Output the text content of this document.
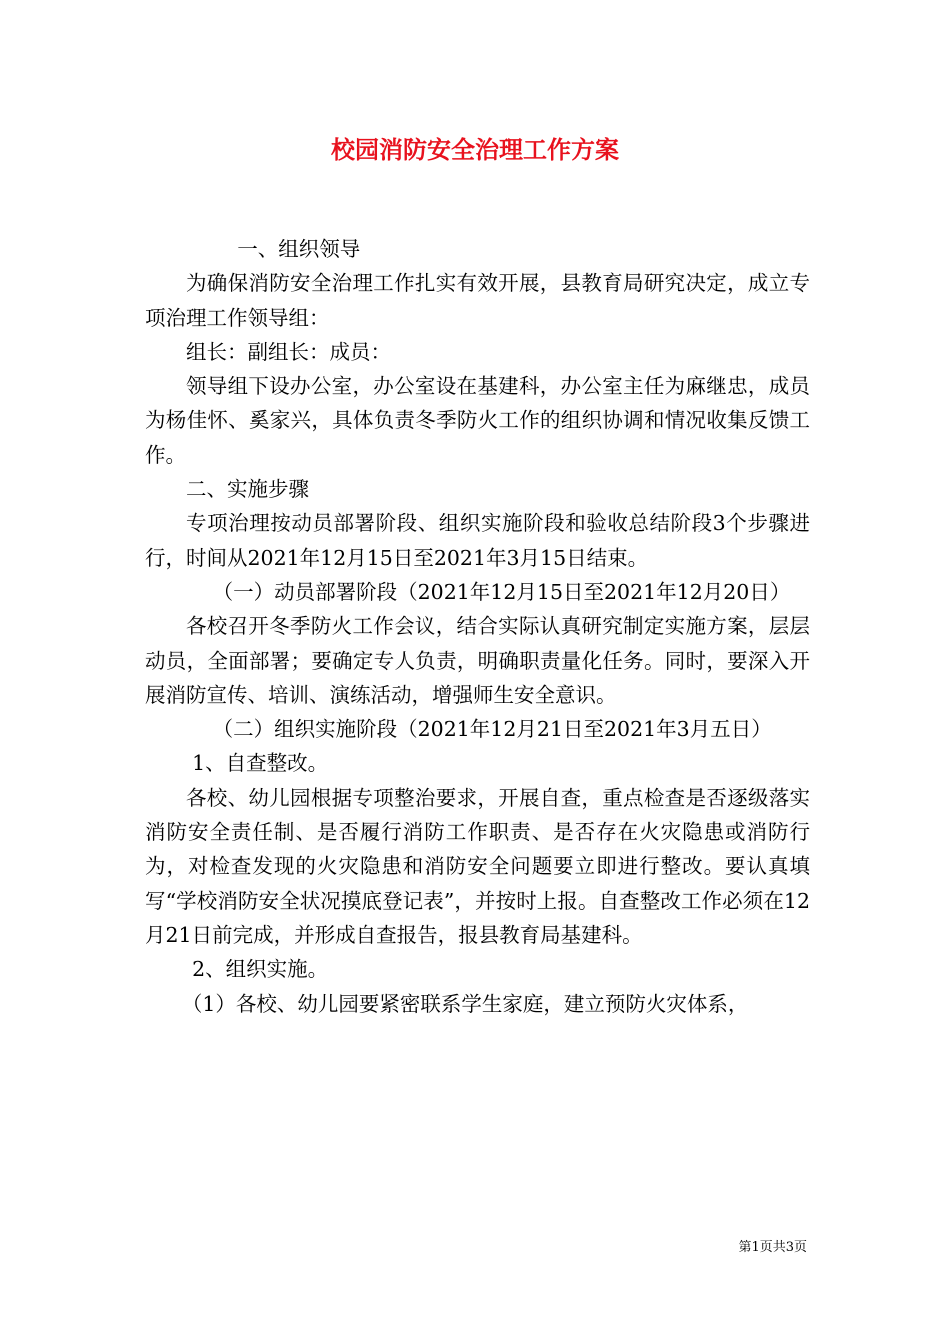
校园消防安全治理工作方案

一、组织领导

为确保消防安全治理工作扎实有效开展，县教育局研究决定，成立专项治理工作领导组：

组长：副组长：成员：

领导组下设办公室，办公室设在基建科，办公室主任为麻继忠，成员为杨佳怀、奚家兴，具体负责冬季防火工作的组织协调和情况收集反馈工作。

二、实施步骤

专项治理按动员部署阶段、组织实施阶段和验收总结阶段3个步骤进行，时间从2021年12月15日至2021年3月15日结束。

（一）动员部署阶段（2021年12月15日至2021年12月20日）

各校召开冬季防火工作会议，结合实际认真研究制定实施方案，层层动员，全面部署；要确定专人负责，明确职责量化任务。同时，要深入开展消防宣传、培训、演练活动，增强师生安全意识。

（二）组织实施阶段（2021年12月21日至2021年3月五日）

1、自查整改。

各校、幼儿园根据专项整治要求，开展自查，重点检查是否逐级落实消防安全责任制、是否履行消防工作职责、是否存在火灾隐患或消防行为，对检查发现的火灾隐患和消防安全问题要立即进行整改。要认真填写“学校消防安全状况摸底登记表”，并按时上报。自查整改工作必须在12月21日前完成，并形成自查报告，报县教育局基建科。

2、组织实施。

（1）各校、幼儿园要紧密联系学生家庭，建立预防火灾体系，

第1页共3页
